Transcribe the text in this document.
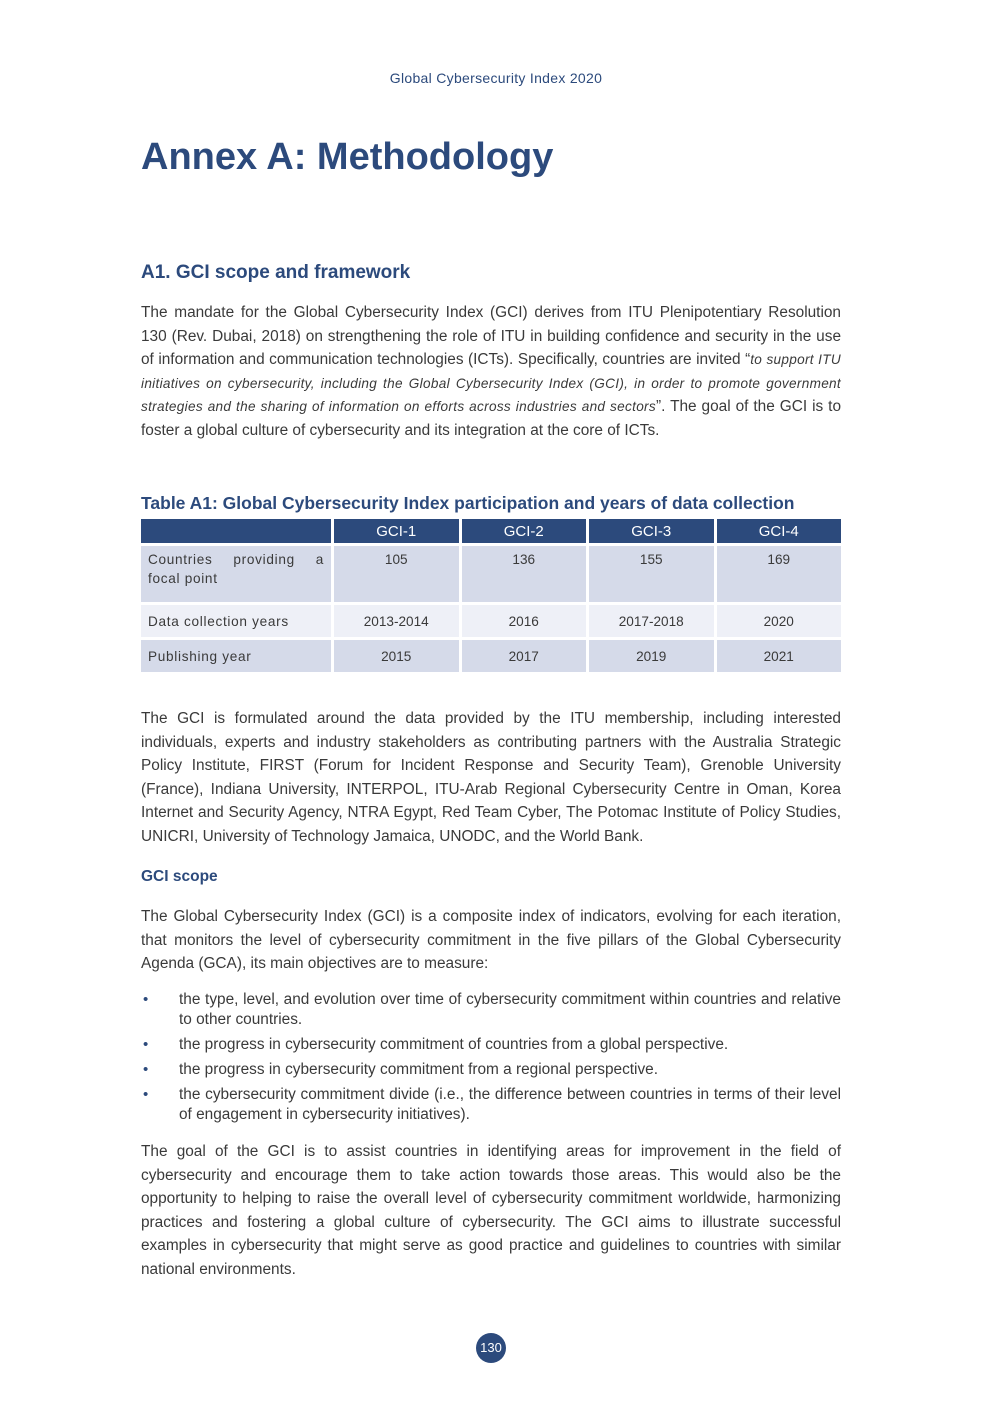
Global Cybersecurity Index 2020
Annex A: Methodology
A1. GCI scope and framework

The mandate for the Global Cybersecurity Index (GCI) derives from ITU Plenipotentiary Resolution 130 (Rev. Dubai, 2018) on strengthening the role of ITU in building confidence and security in the use of information and communication technologies (ICTs). Specifically, countries are invited “to support ITU initiatives on cybersecurity, including the Global Cybersecurity Index (GCI), in order to promote government strategies and the sharing of information on efforts across industries and sectors”. The goal of the GCI is to foster a global culture of cybersecurity and its integration at the core of ICTs.

Table A1: Global Cybersecurity Index participation and years of data collection
	GCI-1	GCI-2	GCI-3	GCI-4
Countries providing a focal point	105	136	155	169
Data collection years	2013-2014	2016	2017-2018	2020
Publishing year	2015	2017	2019	2021

The GCI is formulated around the data provided by the ITU membership, including interested individuals, experts and industry stakeholders as contributing partners with the Australia Strategic Policy Institute, FIRST (Forum for Incident Response and Security Team), Grenoble University (France), Indiana University, INTERPOL, ITU-Arab Regional Cybersecurity Centre in Oman, Korea Internet and Security Agency, NTRA Egypt, Red Team Cyber, The Potomac Institute of Policy Studies, UNICRI, University of Technology Jamaica, UNODC, and the World Bank.

GCI scope

The Global Cybersecurity Index (GCI) is a composite index of indicators, evolving for each iteration, that monitors the level of cybersecurity commitment in the five pillars of the Global Cybersecurity Agenda (GCA), its main objectives are to measure:

• the type, level, and evolution over time of cybersecurity commitment within countries and relative to other countries.
• the progress in cybersecurity commitment of countries from a global perspective.
• the progress in cybersecurity commitment from a regional perspective.
• the cybersecurity commitment divide (i.e., the difference between countries in terms of their level of engagement in cybersecurity initiatives).

The goal of the GCI is to assist countries in identifying areas for improvement in the field of cybersecurity and encourage them to take action towards those areas. This would also be the opportunity to helping to raise the overall level of cybersecurity commitment worldwide, harmonizing practices and fostering a global culture of cybersecurity. The GCI aims to illustrate successful examples in cybersecurity that might serve as good practice and guidelines to countries with similar national environments.

130
